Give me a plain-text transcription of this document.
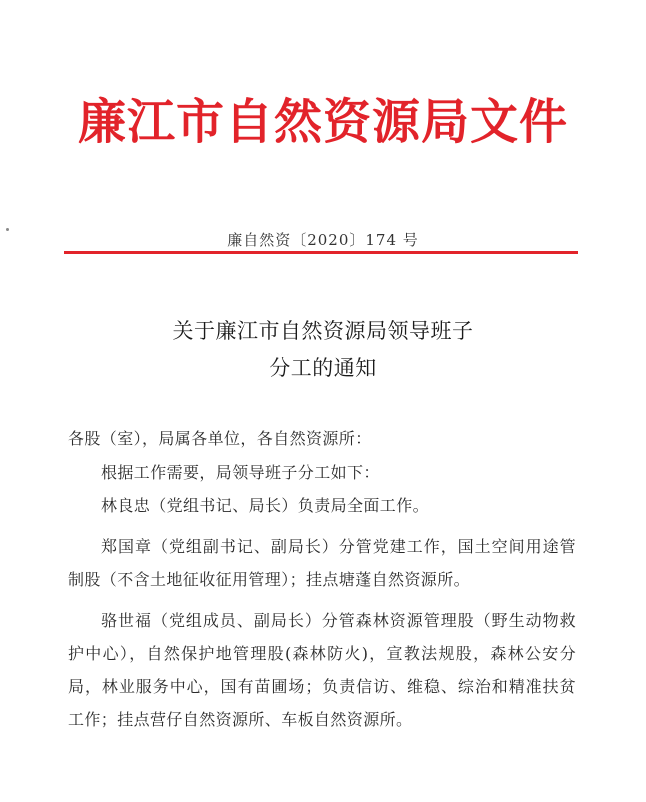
廉江市自然资源局文件
廉自然资〔2020〕174 号
关于廉江市自然资源局领导班子
分工的通知

各股（室），局属各单位，各自然资源所：

根据工作需要，局领导班子分工如下：

林良忠（党组书记、局长）负责局全面工作。

郑国章（党组副书记、副局长）分管党建工作，国土空间用途管制股（不含土地征收征用管理）；挂点塘蓬自然资源所。

骆世福（党组成员、副局长）分管森林资源管理股（野生动物救护中心），自然保护地管理股(森林防火)，宣教法规股，森林公安分局，林业服务中心，国有苗圃场；负责信访、维稳、综治和精准扶贫工作；挂点营仔自然资源所、车板自然资源所。
